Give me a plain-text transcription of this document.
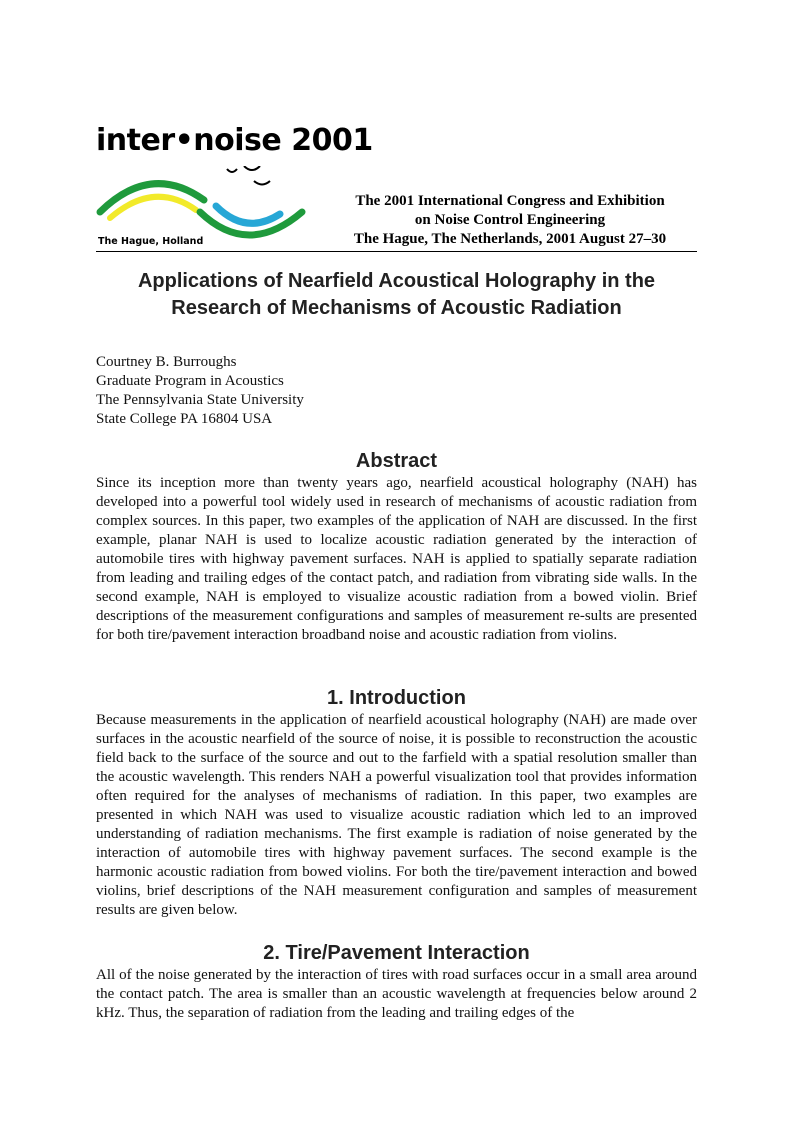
inter•noise 2001
The Hague, Holland
The 2001 International Congress and Exhibition
on Noise Control Engineering
The Hague, The Netherlands, 2001 August 27–30
Applications of Nearfield Acoustical Holography in the
Research of Mechanisms of Acoustic Radiation
Courtney B. Burroughs
Graduate Program in Acoustics
The Pennsylvania State University
State College PA 16804 USA
Abstract

Since its inception more than twenty years ago, nearfield acoustical holography (NAH) has developed into a powerful tool widely used in research of mechanisms of acoustic radiation from complex sources. In this paper, two examples of the application of NAH are discussed. In the first example, planar NAH is used to localize acoustic radiation generated by the interaction of automobile tires with highway pavement surfaces. NAH is applied to spatially separate radiation from leading and trailing edges of the contact patch, and radiation from vibrating side walls. In the second example, NAH is employed to visualize acoustic radiation from a bowed violin. Brief descriptions of the measurement configurations and samples of measurement re-sults are presented for both tire/pavement interaction broadband noise and acoustic radiation from violins.

1. Introduction

Because measurements in the application of nearfield acoustical holography (NAH) are made over surfaces in the acoustic nearfield of the source of noise, it is possible to reconstruction the acoustic field back to the surface of the source and out to the farfield with a spatial resolution smaller than the acoustic wavelength. This renders NAH a powerful visualization tool that provides information often required for the analyses of mechanisms of radiation. In this paper, two examples are presented in which NAH was used to visualize acoustic radiation which led to an improved understanding of radiation mechanisms. The first example is radiation of noise generated by the interaction of automobile tires with highway pavement surfaces. The second example is the harmonic acoustic radiation from bowed violins. For both the tire/pavement interaction and bowed violins, brief descriptions of the NAH measurement configuration and samples of measurement results are given below.

2. Tire/Pavement Interaction

All of the noise generated by the interaction of tires with road surfaces occur in a small area around the contact patch. The area is smaller than an acoustic wavelength at frequencies below around 2 kHz. Thus, the separation of radiation from the leading and trailing edges of the
